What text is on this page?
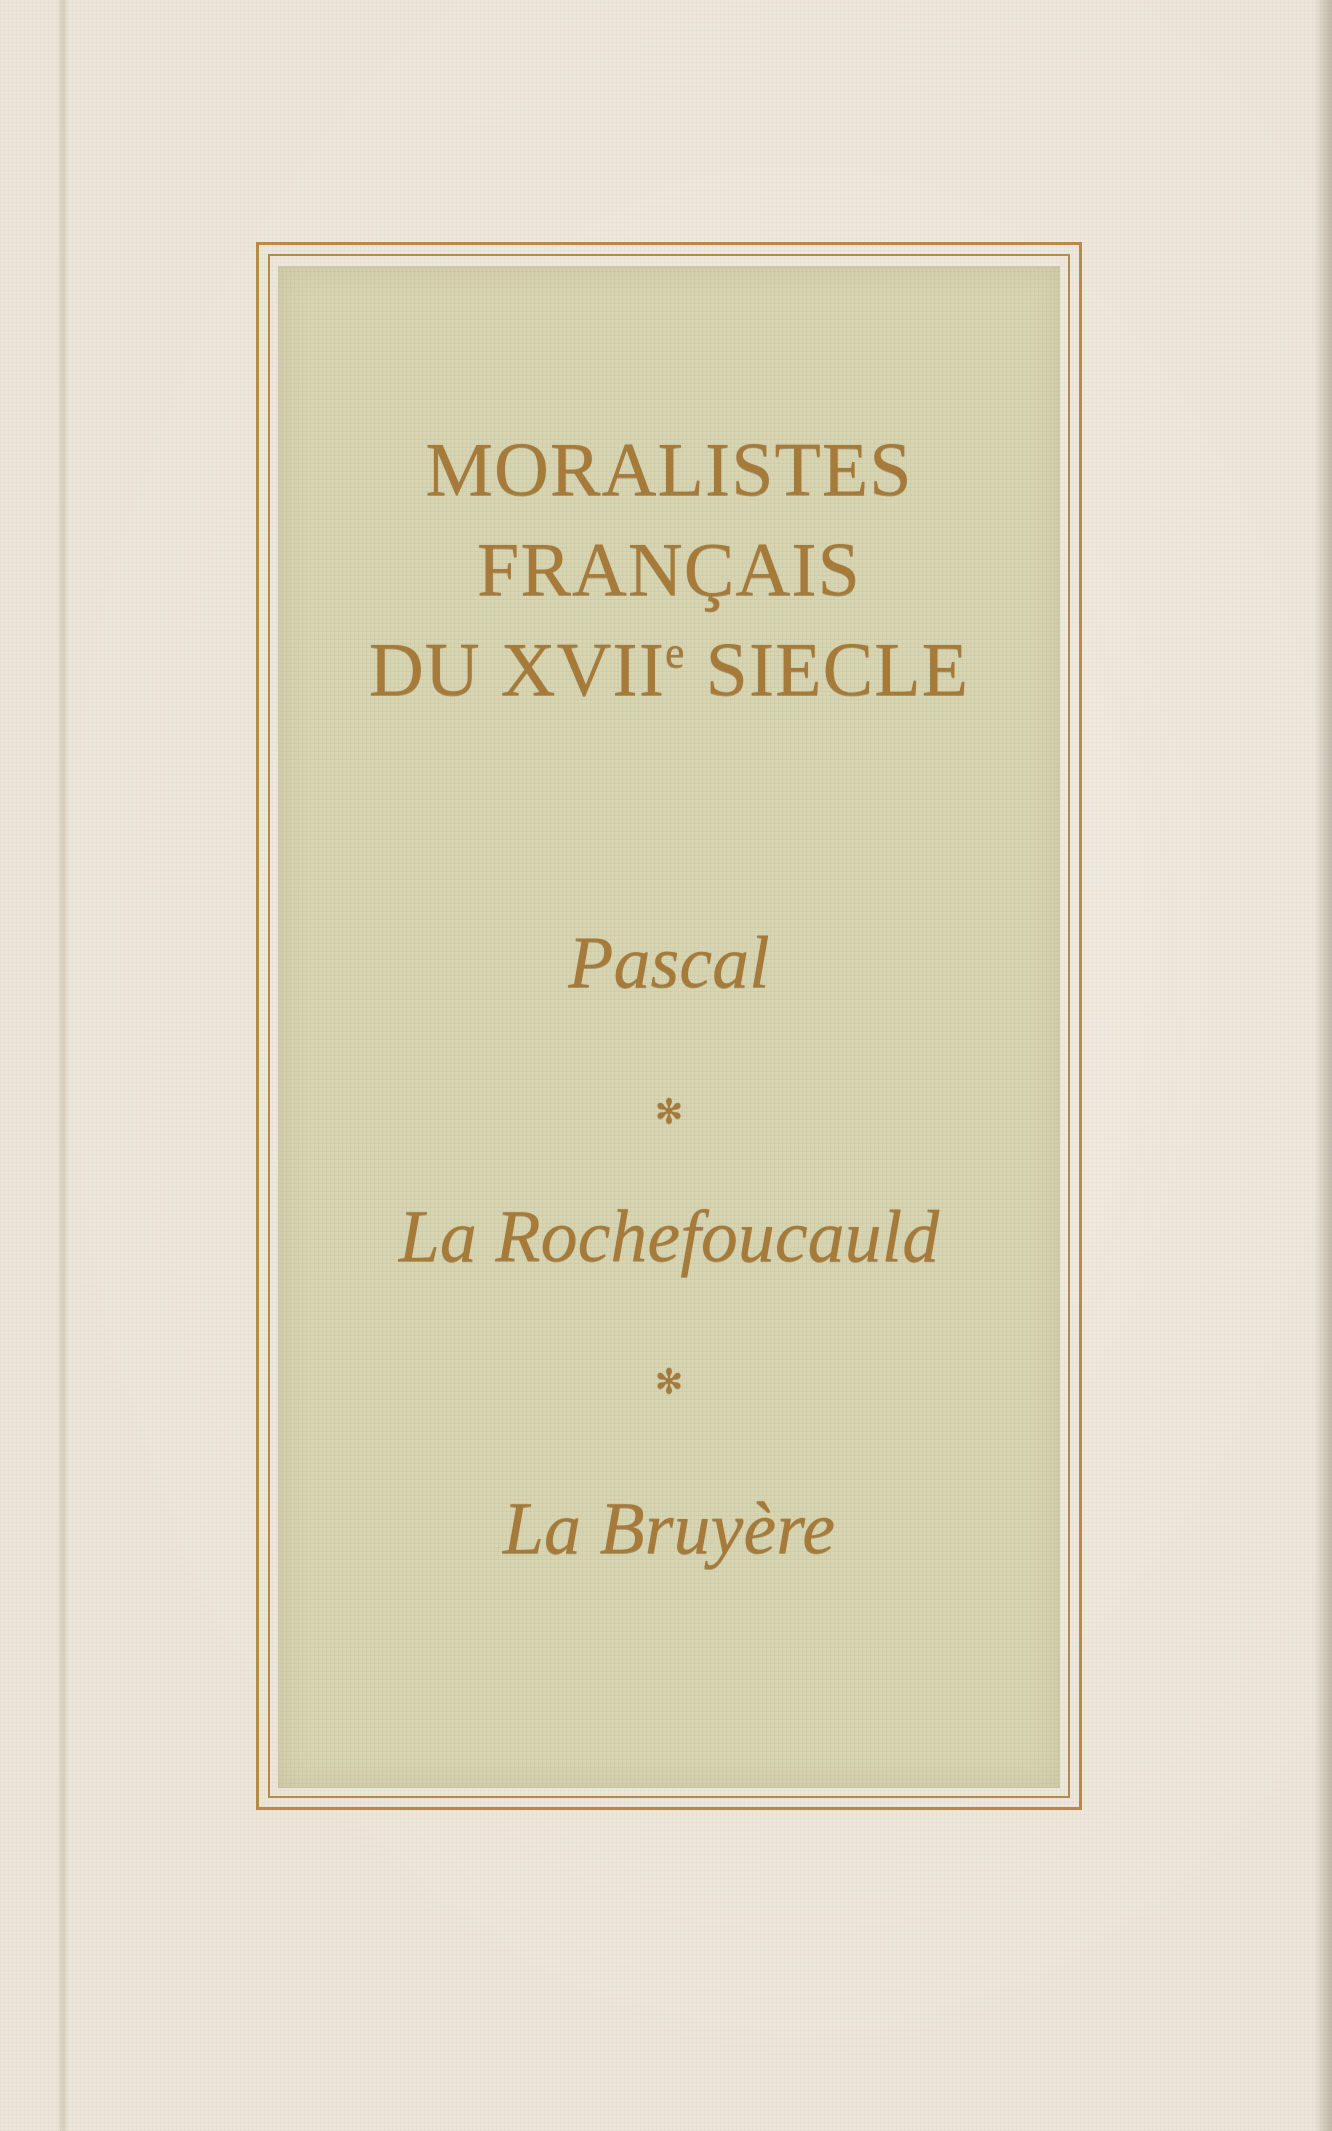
MORALISTES
FRANÇAIS
DU XVIIe SIECLE
Pascal
✻
La Rochefoucauld
✻
La Bruyère
